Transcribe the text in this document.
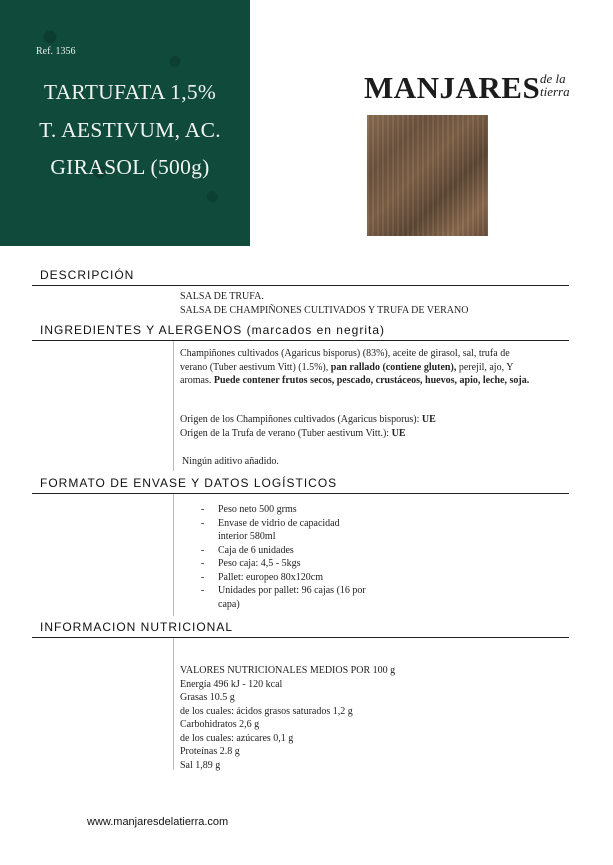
Ref. 1356
TARTUFATA 1,5%
T. AESTIVUM, AC.
GIRASOL (500g)
MANJARES de la
tierra
DESCRIPCIÓN
SALSA DE TRUFA.
SALSA DE CHAMPIÑONES CULTIVADOS Y TRUFA DE VERANO
INGREDIENTES Y ALERGENOS (marcados en negrita)
Champiñones cultivados (Agaricus bisporus) (83%), aceite de girasol, sal, trufa de verano (Tuber aestivum Vitt) (1.5%), pan rallado (contiene gluten), perejil, ajo, Y aromas. Puede contener frutos secos, pescado, crustáceos, huevos, apio, leche, soja.
Origen de los Champiñones cultivados (Agaricus bisporus): UE
Origen de la Trufa de verano (Tuber aestivum Vitt.): UE
Ningún aditivo añadido.
FORMATO DE ENVASE Y DATOS LOGÍSTICOS
- Peso neto 500 grms
- Envase de vidrio de capacidad interior 580ml
- Caja de 6 unidades
- Peso caja: 4,5 - 5kgs
- Pallet: europeo 80x120cm
- Unidades por pallet: 96 cajas (16 por capa)
INFORMACION NUTRICIONAL
VALORES NUTRICIONALES MEDIOS POR 100 g
Energía 496 kJ - 120 kcal
Grasas 10.5 g
de los cuales: ácidos grasos saturados 1,2 g
Carbohidratos 2,6 g
de los cuales: azúcares 0,1 g
Proteínas 2.8 g
Sal 1,89 g
www.manjaresdelatierra.com
